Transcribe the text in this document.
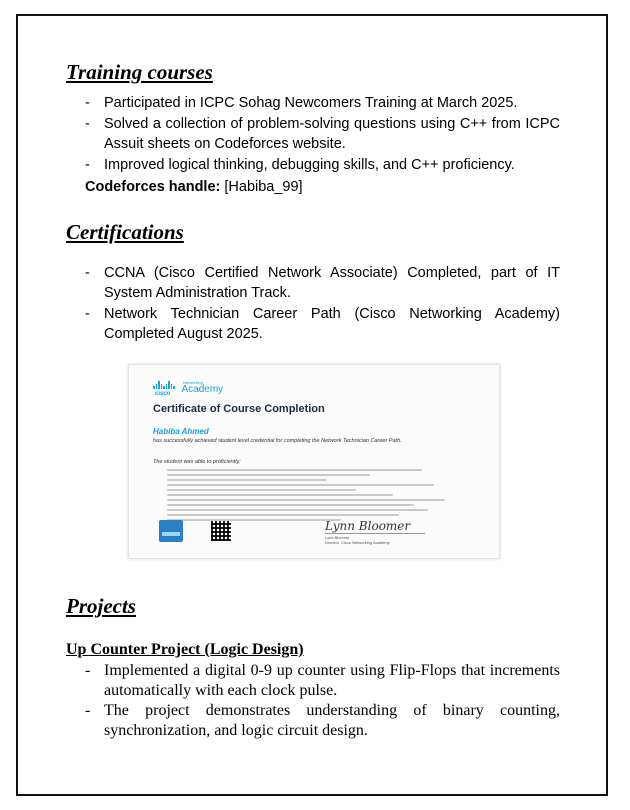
Training courses
- Participated in ICPC Sohag Newcomers Training at March 2025.
- Solved a collection of problem-solving questions using C++ from ICPC Assuit sheets on Codeforces website.
- Improved logical thinking, debugging skills, and C++ proficiency.
Codeforces handle: [Habiba_99]
Certifications
- CCNA (Cisco Certified Network Associate) Completed, part of IT System Administration Track.
- Network Technician Career Path (Cisco Networking Academy) Completed August 2025.
Networking
cisco Academy
Certificate of Course Completion
Habiba Ahmed
has successfully achieved student level credential for completing the Network Technician Career Path.
The student was able to proficiently:
Lynn Bloomer
Lynn Bloomer
Director, Cisco Networking Academy
Projects
Up Counter Project (Logic Design)
- Implemented a digital 0-9 up counter using Flip-Flops that increments automatically with each clock pulse.
- The project demonstrates understanding of binary counting, synchronization, and logic circuit design.
